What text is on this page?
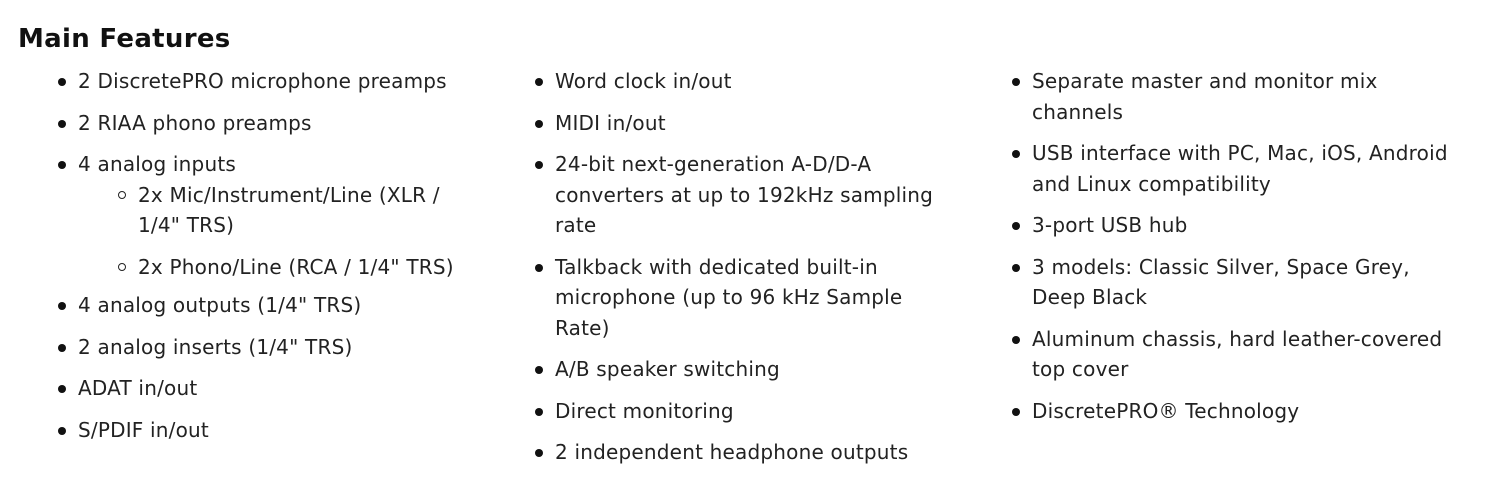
Main Features
2 DiscretePRO microphone preamps
2 RIAA phono preamps
4 analog inputs
2x Mic/Instrument/Line (XLR / 1/4" TRS)
2x Phono/Line (RCA / 1/4" TRS)
4 analog outputs (1/4" TRS)
2 analog inserts (1/4" TRS)
ADAT in/out
S/PDIF in/out
Word clock in/out
MIDI in/out
24-bit next-generation A-D/D-A converters at up to 192kHz sampling rate
Talkback with dedicated built-in microphone (up to 96 kHz Sample Rate)
A/B speaker switching
Direct monitoring
2 independent headphone outputs
Separate master and monitor mix channels
USB interface with PC, Mac, iOS, Android and Linux compatibility
3-port USB hub
3 models: Classic Silver, Space Grey, Deep Black
Aluminum chassis, hard leather-covered top cover
DiscretePRO® Technology
